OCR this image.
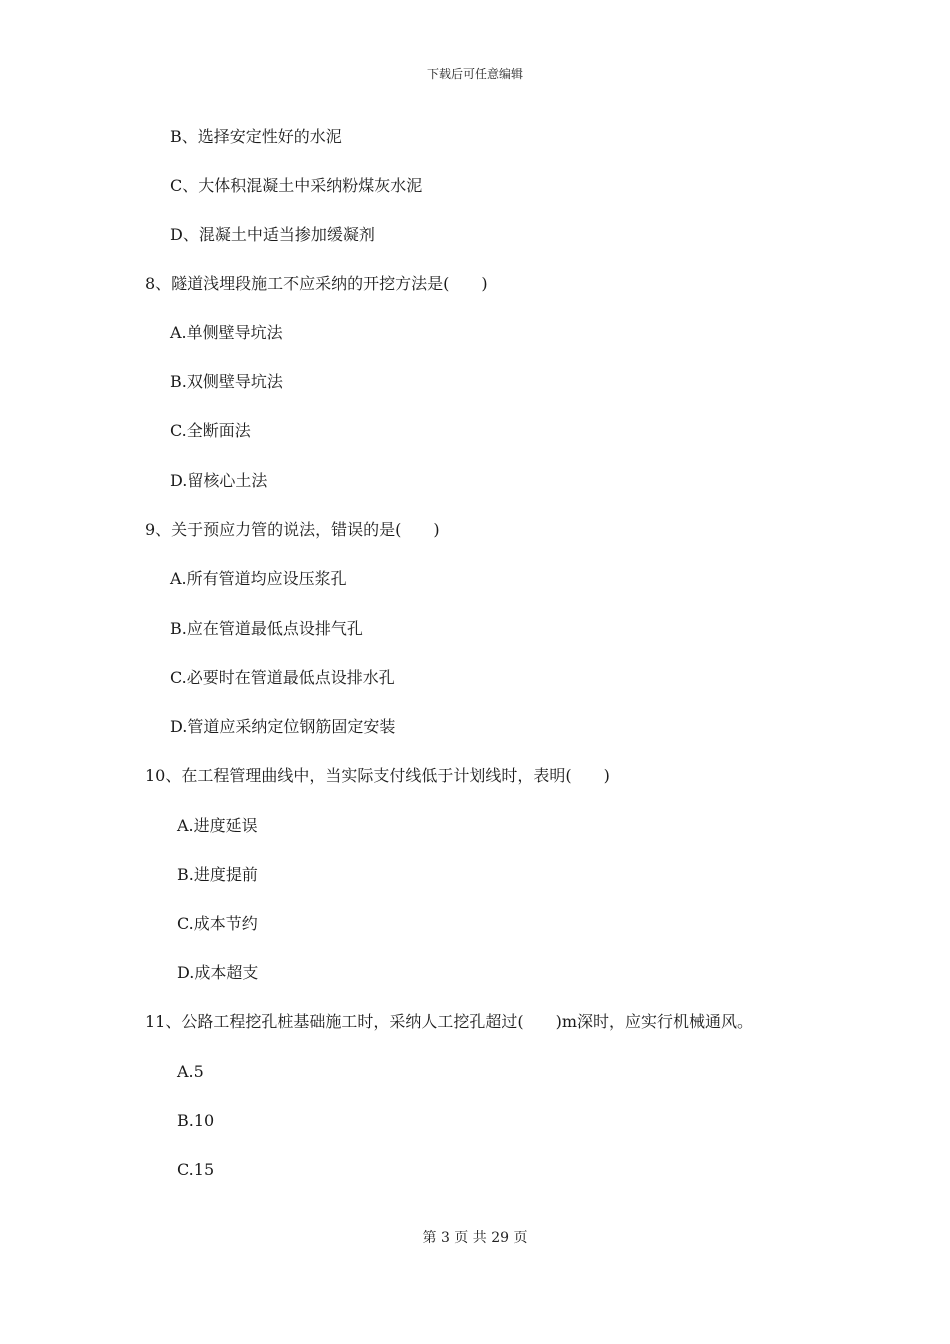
下载后可任意编辑
B、选择安定性好的水泥
C、大体积混凝土中采纳粉煤灰水泥
D、混凝土中适当掺加缓凝剂
8、隧道浅埋段施工不应采纳的开挖方法是(　　)
A.单侧壁导坑法
B.双侧壁导坑法
C.全断面法
D.留核心土法
9、关于预应力管的说法，错误的是(　　)
A.所有管道均应设压浆孔
B.应在管道最低点设排气孔
C.必要时在管道最低点设排水孔
D.管道应采纳定位钢筋固定安装
10、在工程管理曲线中，当实际支付线低于计划线时，表明(　　)
A.进度延误
B.进度提前
C.成本节约
D.成本超支
11、公路工程挖孔桩基础施工时，采纳人工挖孔超过(　　)m深时，应实行机械通风。
A.5
B.10
C.15
第 3 页 共 29 页
